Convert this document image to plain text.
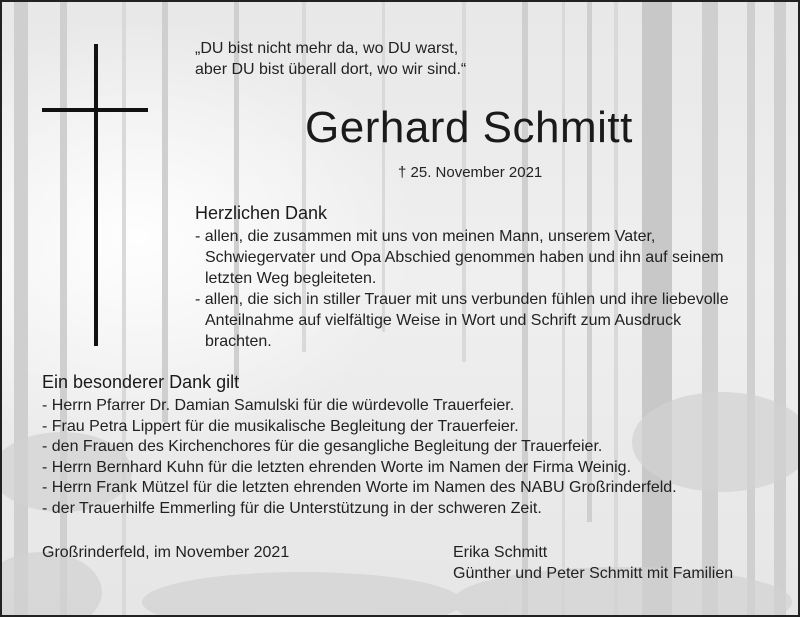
„DU bist nicht mehr da, wo DU warst,
aber DU bist überall dort, wo wir sind.“
Gerhard Schmitt
† 25. November 2021
Herzlichen Dank
- allen, die zusammen mit uns von meinen Mann, unserem Vater, Schwiegervater und Opa Abschied genommen haben und ihn auf seinem letzten Weg begleiteten.
- allen, die sich in stiller Trauer mit uns verbunden fühlen und ihre liebevolle Anteilnahme auf vielfältige Weise in Wort und Schrift zum Ausdruck brachten.
Ein besonderer Dank gilt
- Herrn Pfarrer Dr. Damian Samulski für die würdevolle Trauerfeier.
- Frau Petra Lippert für die musikalische Begleitung der Trauerfeier.
- den Frauen des Kirchenchores für die gesangliche Begleitung der Trauerfeier.
- Herrn Bernhard Kuhn für die letzten ehrenden Worte im Namen der Firma Weinig.
- Herrn Frank Mützel für die letzten ehrenden Worte im Namen des NABU Großrinderfeld.
- der Trauerhilfe Emmerling für die Unterstützung in der schweren Zeit.
Großrinderfeld, im November 2021	Erika Schmitt
Günther und Peter Schmitt mit Familien
